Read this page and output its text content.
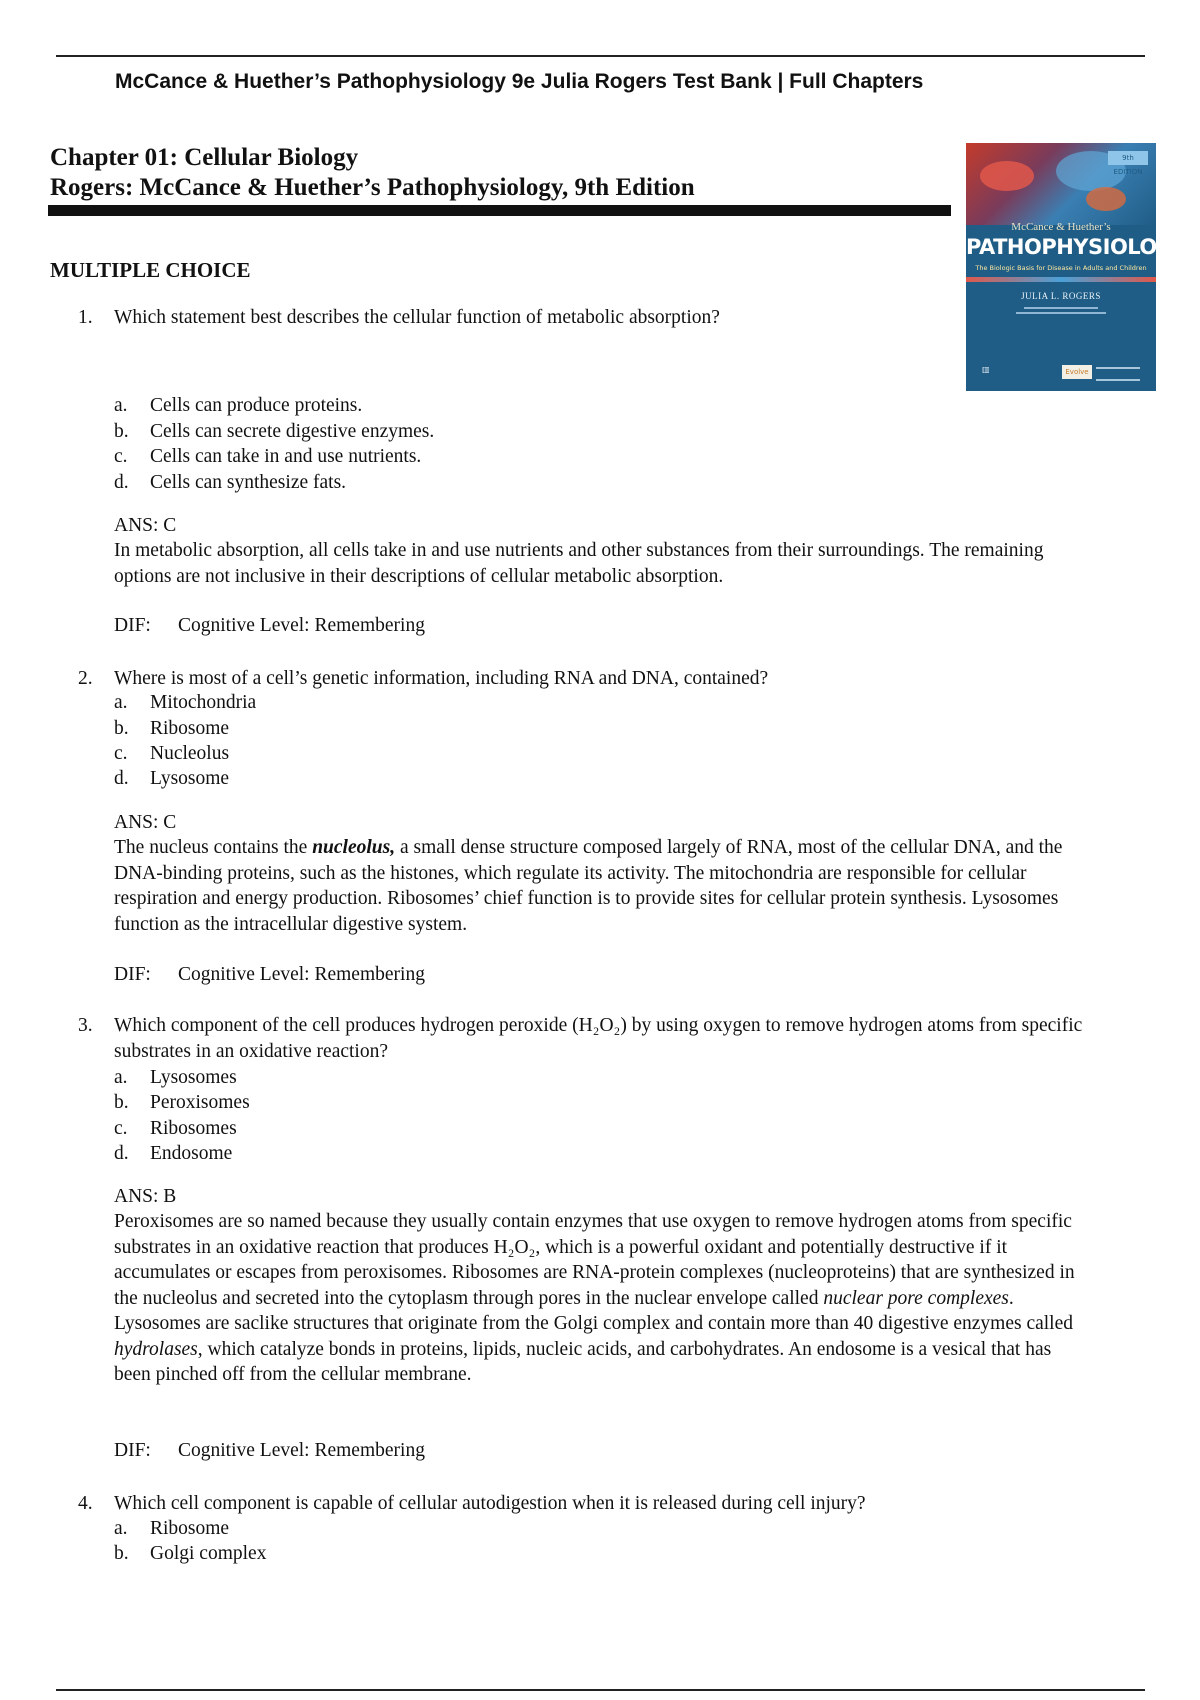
McCance & Huether’s Pathophysiology 9e Julia Rogers Test Bank | Full Chapters
Chapter 01: Cellular Biology
Rogers: McCance & Huether’s Pathophysiology, 9th Edition
MULTIPLE CHOICE
9th EDITION
McCance & Huether’s
PATHOPHYSIOLOGY
The Biologic Basis for Disease in Adults and Children
JULIA L. ROGERS
▥	Evolve
1.	Which statement best describes the cellular function of metabolic absorption?
a. Cells can produce proteins.
b. Cells can secrete digestive enzymes.
c. Cells can take in and use nutrients.
d. Cells can synthesize fats.
ANS: C
In metabolic absorption, all cells take in and use nutrients and other substances from their surroundings. The remaining options are not inclusive in their descriptions of cellular metabolic absorption.
DIF: Cognitive Level: Remembering
2.	Where is most of a cell’s genetic information, including RNA and DNA, contained?
a. Mitochondria
b. Ribosome
c. Nucleolus
d. Lysosome
ANS: C
The nucleus contains the nucleolus, a small dense structure composed largely of RNA, most of the cellular DNA, and the DNA-binding proteins, such as the histones, which regulate its activity. The mitochondria are responsible for cellular respiration and energy production. Ribosomes’ chief function is to provide sites for cellular protein synthesis. Lysosomes function as the intracellular digestive system.
DIF: Cognitive Level: Remembering
3.	Which component of the cell produces hydrogen peroxide (H₂O₂) by using oxygen to remove hydrogen atoms from specific substrates in an oxidative reaction?
a. Lysosomes
b. Peroxisomes
c. Ribosomes
d. Endosome
ANS: B
Peroxisomes are so named because they usually contain enzymes that use oxygen to remove hydrogen atoms from specific substrates in an oxidative reaction that produces H₂O₂, which is a powerful oxidant and potentially destructive if it accumulates or escapes from peroxisomes. Ribosomes are RNA-protein complexes (nucleoproteins) that are synthesized in the nucleolus and secreted into the cytoplasm through pores in the nuclear envelope called nuclear pore complexes. Lysosomes are saclike structures that originate from the Golgi complex and contain more than 40 digestive enzymes called hydrolases, which catalyze bonds in proteins, lipids, nucleic acids, and carbohydrates. An endosome is a vesical that has been pinched off from the cellular membrane.
DIF: Cognitive Level: Remembering
4.	Which cell component is capable of cellular autodigestion when it is released during cell injury?
a. Ribosome
b. Golgi complex
